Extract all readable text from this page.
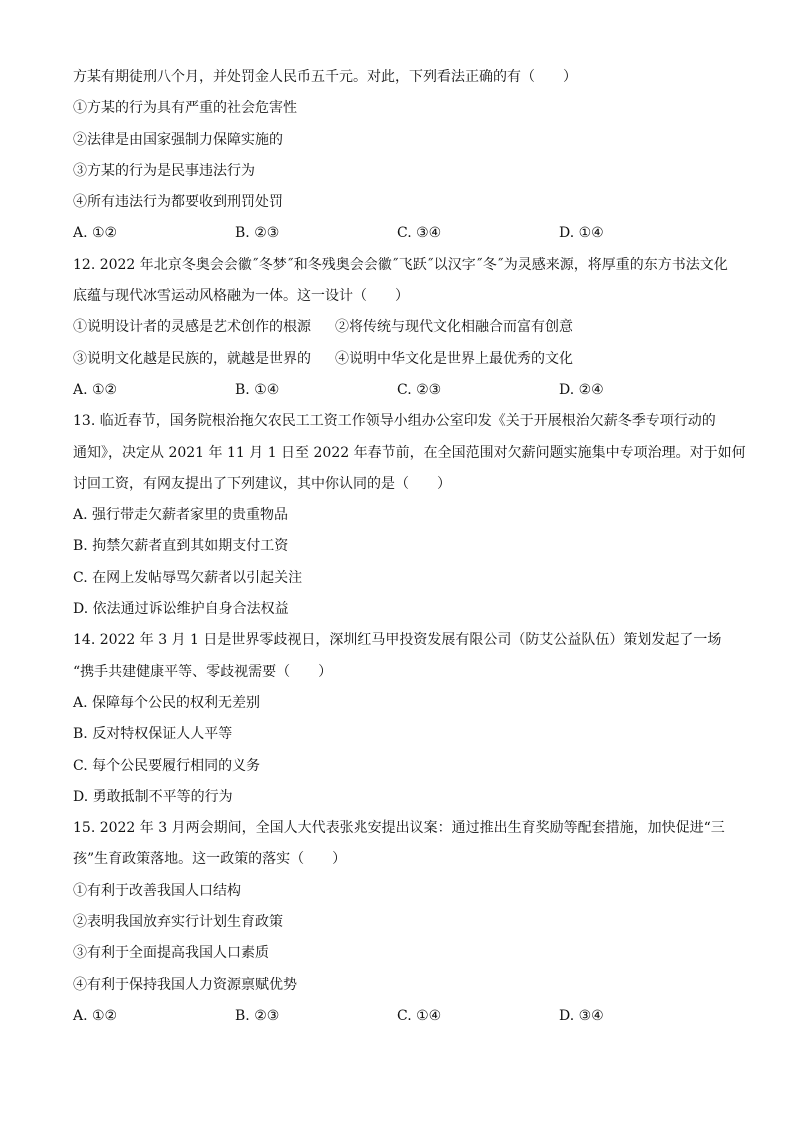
方某有期徒刑八个月，并处罚金人民币五千元。对此，下列看法正确的有（　　）
①方某的行为具有严重的社会危害性
②法律是由国家强制力保障实施的
③方某的行为是民事违法行为
④所有违法行为都要收到刑罚处罚
A. ①②	B. ②③	C. ③④	D. ①④
12. 2022 年北京冬奥会会徽˝冬梦˝和冬残奥会会徽˝飞跃˝以汉字˝冬˝为灵感来源，将厚重的东方书法文化
底蕴与现代冰雪运动风格融为一体。这一设计（　　）
①说明设计者的灵感是艺术创作的根源	②将传统与现代文化相融合而富有创意
③说明文化越是民族的，就越是世界的	④说明中华文化是世界上最优秀的文化
A. ①②	B. ①④	C. ②③	D. ②④
13. 临近春节，国务院根治拖欠农民工工资工作领导小组办公室印发《关于开展根治欠薪冬季专项行动的
通知》，决定从 2021 年 11 月 1 日至 2022 年春节前，在全国范围对欠薪问题实施集中专项治理。对于如何
讨回工资，有网友提出了下列建议，其中你认同的是（　　）
A. 强行带走欠薪者家里的贵重物品
B. 拘禁欠薪者直到其如期支付工资
C. 在网上发帖辱骂欠薪者以引起关注
D. 依法通过诉讼维护自身合法权益
14. 2022 年 3 月 1 日是世界零歧视日，深圳红马甲投资发展有限公司（防艾公益队伍）策划发起了一场
“携手共建健康平等、零歧视需要（　　）
A. 保障每个公民的权利无差别
B. 反对特权保证人人平等
C. 每个公民要履行相同的义务
D. 勇敢抵制不平等的行为
15. 2022 年 3 月两会期间，全国人大代表张兆安提出议案：通过推出生育奖励等配套措施，加快促进“三
孩”生育政策落地。这一政策的落实（　　）
①有利于改善我国人口结构
②表明我国放弃实行计划生育政策
③有利于全面提高我国人口素质
④有利于保持我国人力资源禀赋优势
A. ①②	B. ②③	C. ①④	D. ③④
